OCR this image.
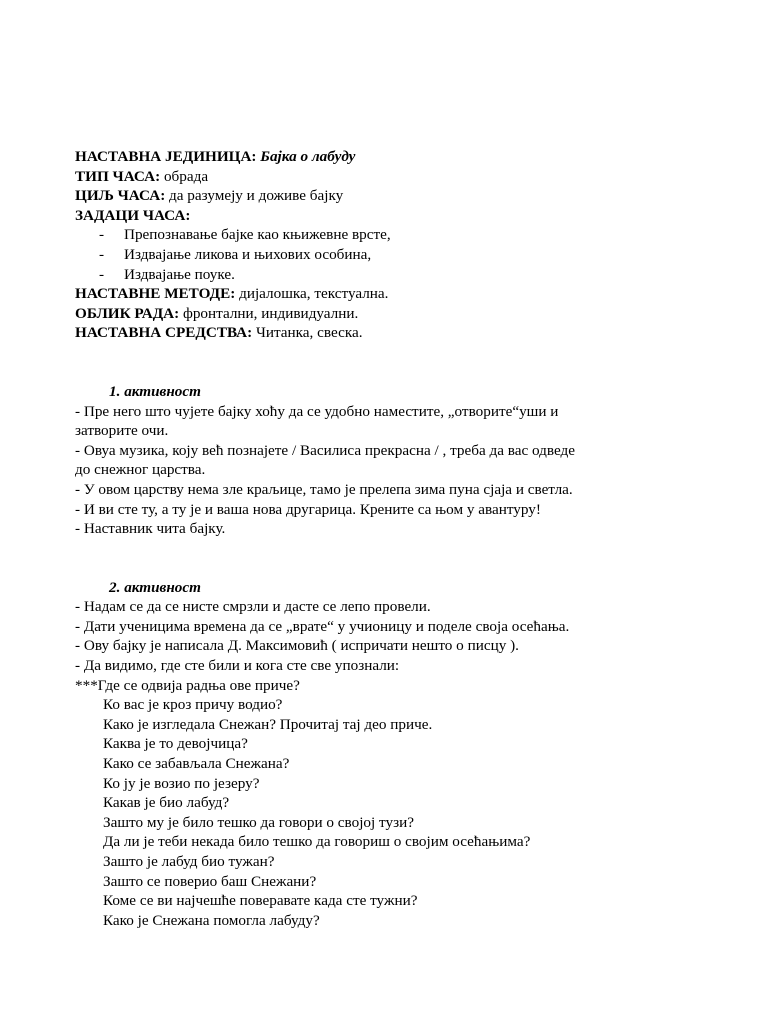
НАСТАВНА ЈЕДИНИЦА: Бајка о лабуду
ТИП ЧАСА: обрада
ЦИЉ ЧАСА: да разумеју и доживе бајку
ЗАДАЦИ ЧАСА:
- Препознавање бајке као књижевне врсте,
- Издвајање ликова и њихових особина,
- Издвајање поуке.
НАСТАВНЕ МЕТОДЕ: дијалошка, текстуална.
ОБЛИК РАДА: фронтални, индивидуални.
НАСТАВНА СРЕДСТВА: Читанка, свеска.
1. активност
- Пре него што чујете бајку хоћу да се удобно наместите, „отворите“уши и
затворите очи.
- Овуа музика, коју већ познајете / Василиса прекрасна / , треба да вас одведе
до снежног царства.
- У овом царству нема зле краљице, тамо је прелепа зима пуна сјаја и светла.
- И ви сте ту, а ту је и ваша нова другарица. Крените са њом у авантуру!
- Наставник чита бајку.
2. активност
- Надам се да се нисте смрзли и дасте се лепо провели.
- Дати ученицима времена да се „врате“ у учионицу и поделе своја осећања.
- Ову бајку је написала Д. Максимовић ( испричати нешто о писцу ).
- Да видимо, где сте били и кога сте све упознали:
***Где се одвија радња ове приче?
Ко вас је кроз причу водио?
Како је изгледала Снежан? Прочитај тај део приче.
Каква је то девојчица?
Како се забављала Снежана?
Ко ју је возио по језеру?
Какав је био лабуд?
Зашто му је било тешко да говори о својој тузи?
Да ли је теби некада било тешко да говориш о својим осећањима?
Зашто је лабуд био тужан?
Зашто се поверио баш Снежани?
Коме се ви најчешће поверавате када сте тужни?
Како је Снежана помогла лабуду?
